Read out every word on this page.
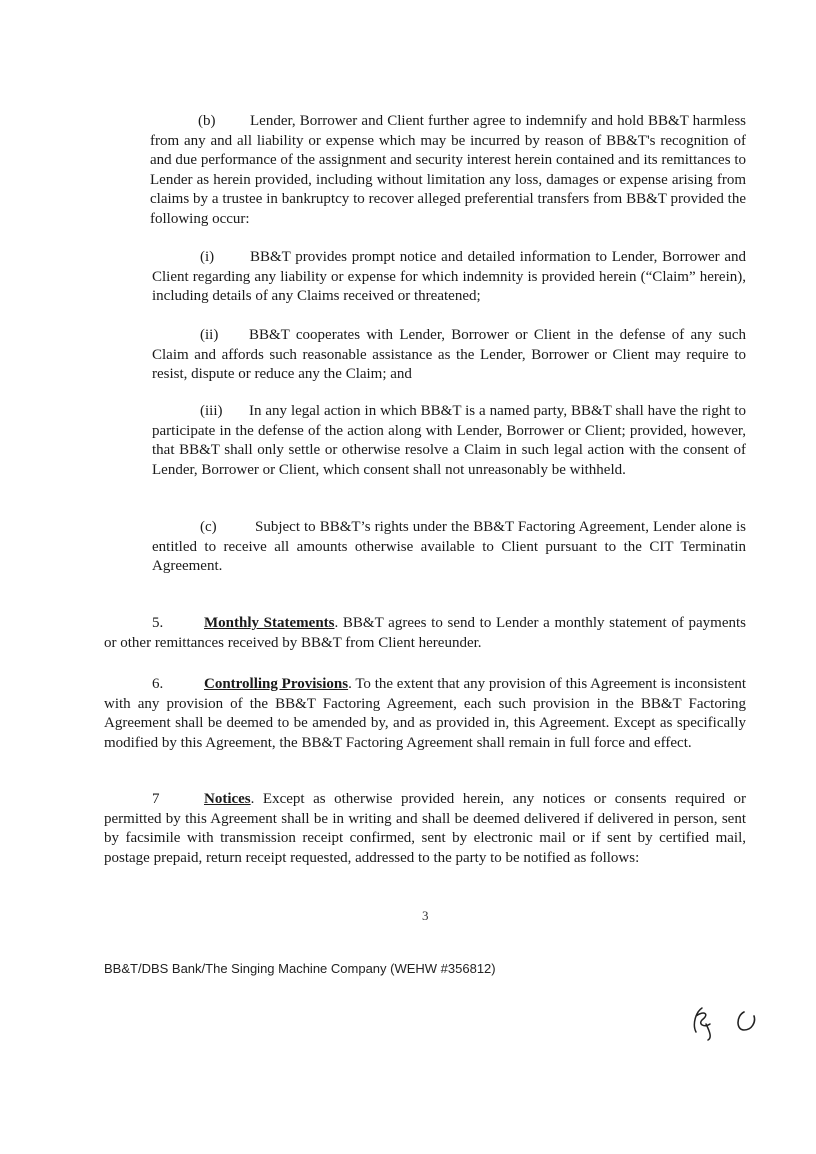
(b) Lender, Borrower and Client further agree to indemnify and hold BB&T harmless from any and all liability or expense which may be incurred by reason of BB&T's recognition of and due performance of the assignment and security interest herein contained and its remittances to Lender as herein provided, including without limitation any loss, damages or expense arising from claims by a trustee in bankruptcy to recover alleged preferential transfers from BB&T provided the following occur:

(i) BB&T provides prompt notice and detailed information to Lender, Borrower and Client regarding any liability or expense for which indemnity is provided herein (“Claim” herein), including details of any Claims received or threatened;

(ii) BB&T cooperates with Lender, Borrower or Client in the defense of any such Claim and affords such reasonable assistance as the Lender, Borrower or Client may require to resist, dispute or reduce any the Claim; and

(iii) In any legal action in which BB&T is a named party, BB&T shall have the right to participate in the defense of the action along with Lender, Borrower or Client; provided, however, that BB&T shall only settle or otherwise resolve a Claim in such legal action with the consent of Lender, Borrower or Client, which consent shall not unreasonably be withheld.

(c)	Subject to BB&T’s rights under the BB&T Factoring Agreement, Lender alone is entitled to receive all amounts otherwise available to Client pursuant to the CIT Terminatin Agreement.

5.	Monthly Statements. BB&T agrees to send to Lender a monthly statement of payments or other remittances received by BB&T from Client hereunder.

6.	Controlling Provisions. To the extent that any provision of this Agreement is inconsistent with any provision of the BB&T Factoring Agreement, each such provision in the BB&T Factoring Agreement shall be deemed to be amended by, and as provided in, this Agreement. Except as specifically modified by this Agreement, the BB&T Factoring Agreement shall remain in full force and effect.

7	Notices. Except as otherwise provided herein, any notices or consents required or permitted by this Agreement shall be in writing and shall be deemed delivered if delivered in person, sent by facsimile with transmission receipt confirmed, sent by electronic mail or if sent by certified mail, postage prepaid, return receipt requested, addressed to the party to be notified as follows:

3
BB&T/DBS Bank/The Singing Machine Company (WEHW #356812)
